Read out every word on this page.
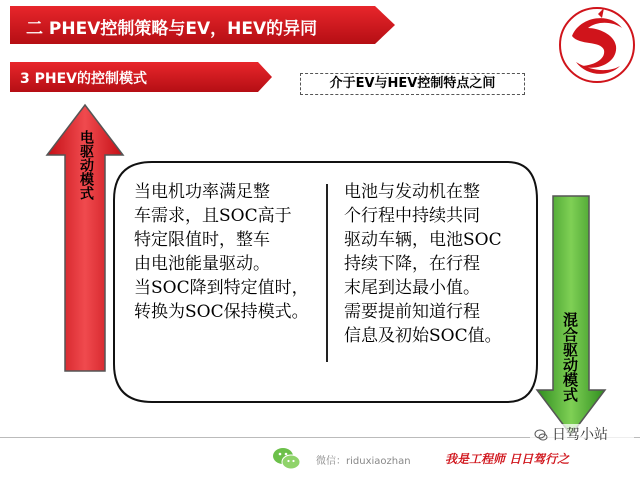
二 PHEV控制策略与EV，HEV的异同
3 PHEV的控制模式	介于EV与HEV控制特点之间
电驱动模式
混合驱动模式
当电机功率满足整
车需求，且SOC高于
特定限值时，整车
由电池能量驱动。
当SOC降到特定值时，
转换为SOC保持模式。
电池与发动机在整
个行程中持续共同
驱动车辆，电池SOC
持续下降，在行程
末尾到达最小值。
需要提前知道行程
信息及初始SOC值。
微信：riduxiaozhan	我是工程师 日日驾行之
日驾小站
